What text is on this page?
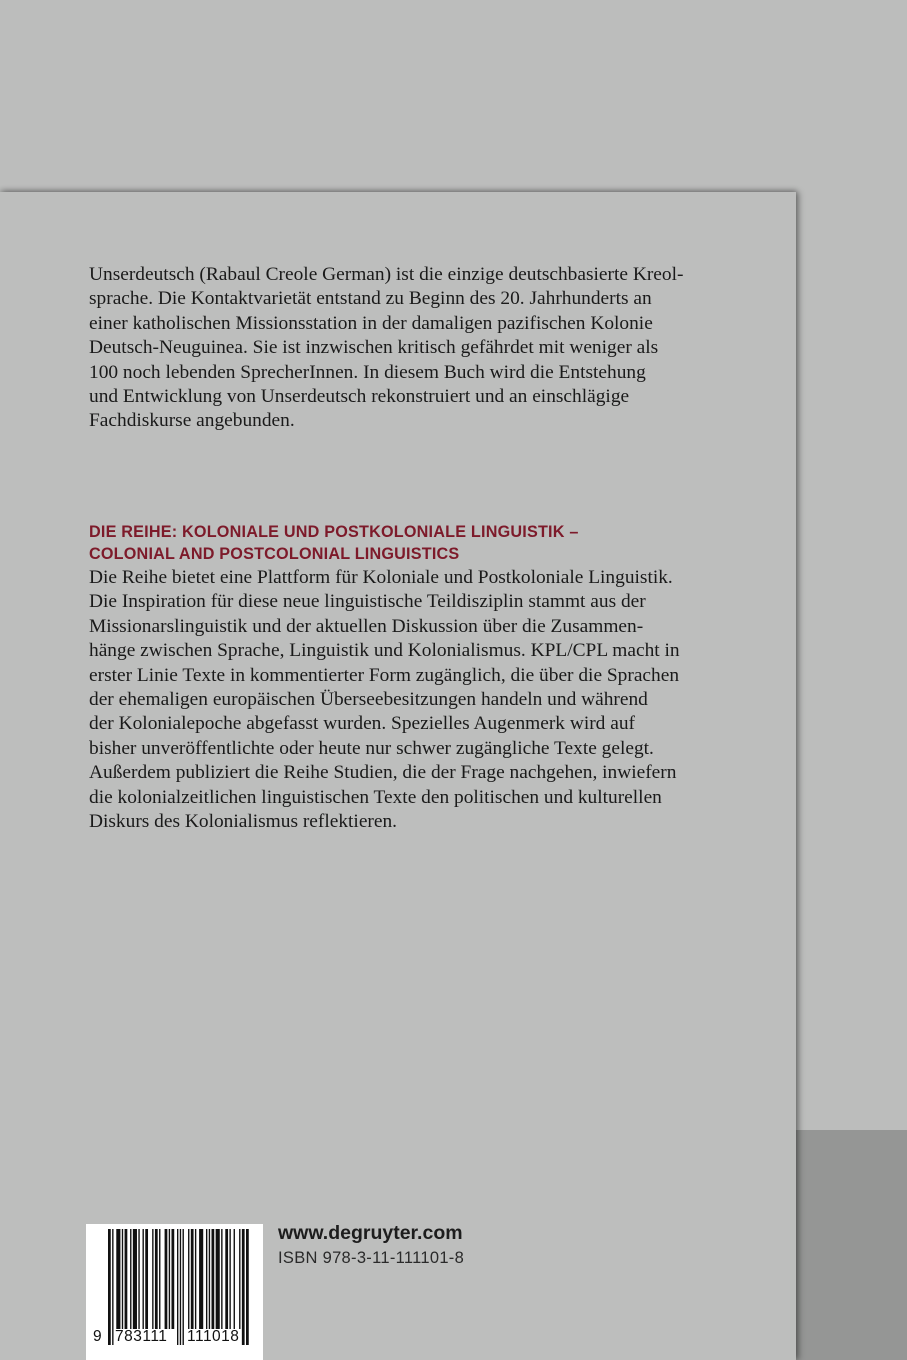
Unserdeutsch (Rabaul Creole German) ist die einzige deutschbasierte Kreol-
sprache. Die Kontaktvarietät entstand zu Beginn des 20. Jahrhunderts an
einer katholischen Missionsstation in der damaligen pazifischen Kolonie
Deutsch-Neuguinea. Sie ist inzwischen kritisch gefährdet mit weniger als
100 noch lebenden SprecherInnen. In diesem Buch wird die Entstehung
und Entwicklung von Unserdeutsch rekonstruiert und an einschlägige
Fachdiskurse angebunden.
DIE REIHE: KOLONIALE UND POSTKOLONIALE LINGUISTIK –
COLONIAL AND POSTCOLONIAL LINGUISTICS
Die Reihe bietet eine Plattform für Koloniale und Postkoloniale Linguistik.
Die Inspiration für diese neue linguistische Teildisziplin stammt aus der
Missionarslinguistik und der aktuellen Diskussion über die Zusammen-
hänge zwischen Sprache, Linguistik und Kolonialismus. KPL/CPL macht in
erster Linie Texte in kommentierter Form zugänglich, die über die Sprachen
der ehemaligen europäischen Überseebesitzungen handeln und während
der Kolonialepoche abgefasst wurden. Spezielles Augenmerk wird auf
bisher unveröffentlichte oder heute nur schwer zugängliche Texte gelegt.
Außerdem publiziert die Reihe Studien, die der Frage nachgehen, inwiefern
die kolonialzeitlichen linguistischen Texte den politischen und kulturellen
Diskurs des Kolonialismus reflektieren.
9 783111 111018
www.degruyter.com
ISBN 978-3-11-111101-8
